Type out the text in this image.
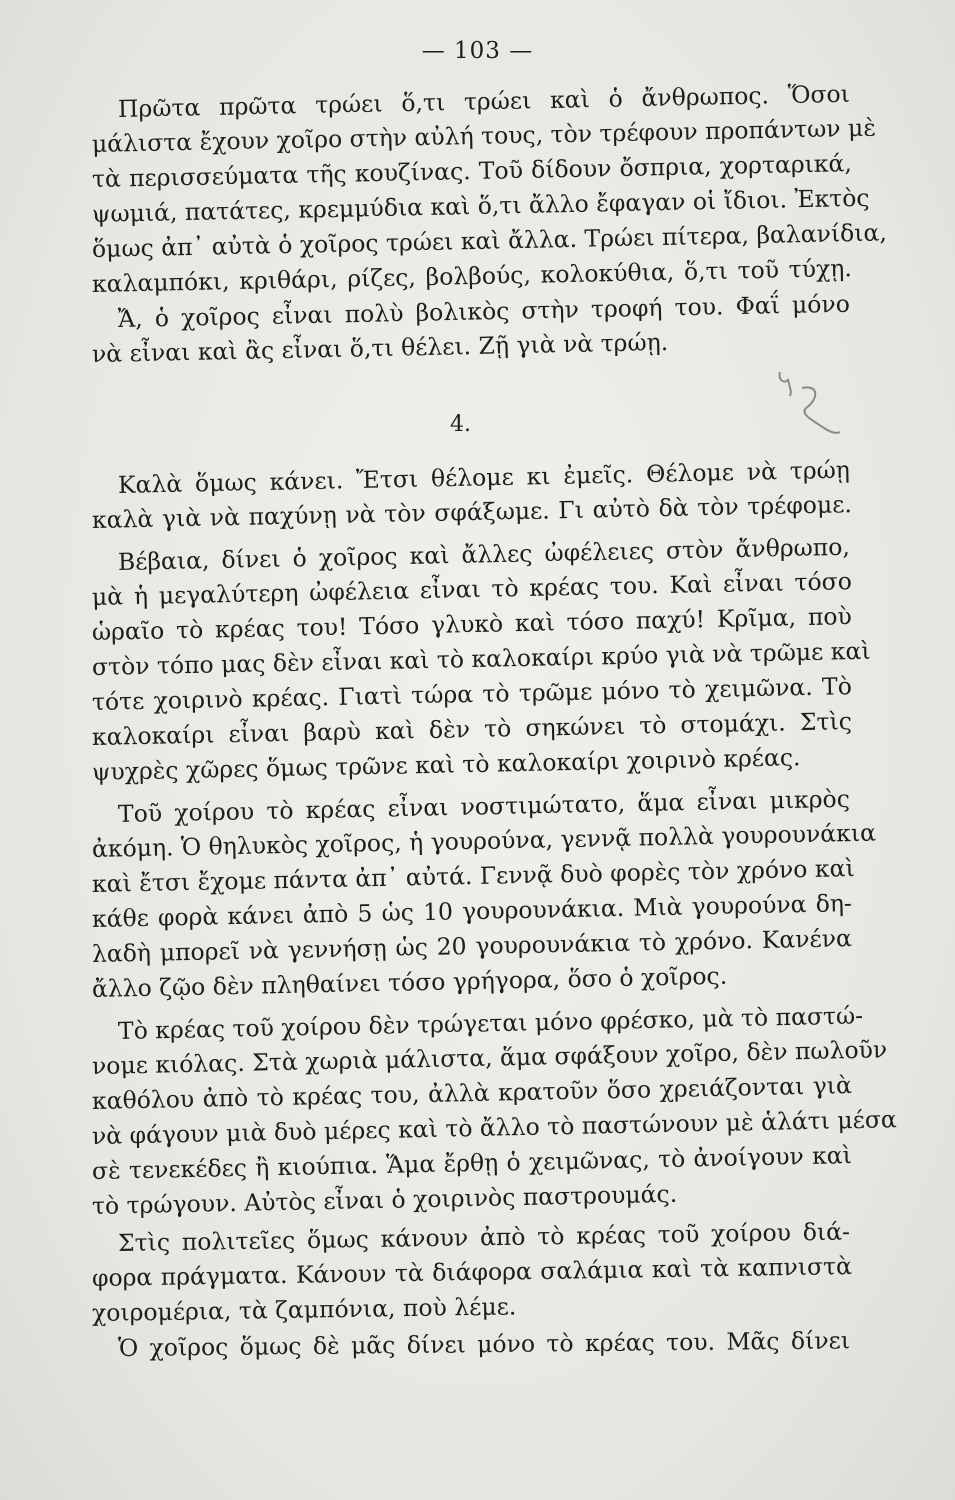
— 103 —
Πρῶτα πρῶτα τρώει ὅ,τι τρώει καὶ ὁ ἄνθρωπος. Ὅσοι
μάλιστα ἔχουν χοῖρο στὴν αὐλή τους, τὸν τρέφουν προπάντων μὲ
τὰ περισσεύματα τῆς κουζίνας. Τοῦ δίδουν ὄσπρια, χορταρικά,
ψωμιά, πατάτες, κρεμμύδια καὶ ὅ,τι ἄλλο ἔφαγαν οἱ ἴδιοι. Ἐκτὸς
ὅμως ἀπ᾽ αὐτὰ ὁ χοῖρος τρώει καὶ ἄλλα. Τρώει πίτερα, βαλανίδια,
καλαμπόκι, κριθάρι, ρίζες, βολβούς, κολοκύθια, ὅ,τι τοῦ τύχῃ.
Ἄ, ὁ χοῖρος εἶναι πολὺ βολικὸς στὴν τροφή του. Φαΐ μόνο
νὰ εἶναι καὶ ἂς εἶναι ὅ,τι θέλει. Ζῇ γιὰ νὰ τρώῃ.
4.
Καλὰ ὅμως κάνει. Ἔτσι θέλομε κι ἐμεῖς. Θέλομε νὰ τρώῃ
καλὰ γιὰ νὰ παχύνῃ νὰ τὸν σφάξωμε. Γι αὐτὸ δὰ τὸν τρέφομε.
Βέβαια, δίνει ὁ χοῖρος καὶ ἄλλες ὠφέλειες στὸν ἄνθρωπο,
μὰ ἡ μεγαλύτερη ὠφέλεια εἶναι τὸ κρέας του. Καὶ εἶναι τόσο
ὡραῖο τὸ κρέας του! Τόσο γλυκὸ καὶ τόσο παχύ! Κρῖμα, ποὺ
στὸν τόπο μας δὲν εἶναι καὶ τὸ καλοκαίρι κρύο γιὰ νὰ τρῶμε καὶ
τότε χοιρινὸ κρέας. Γιατὶ τώρα τὸ τρῶμε μόνο τὸ χειμῶνα. Τὸ
καλοκαίρι εἶναι βαρὺ καὶ δὲν τὸ σηκώνει τὸ στομάχι. Στὶς
ψυχρὲς χῶρες ὅμως τρῶνε καὶ τὸ καλοκαίρι χοιρινὸ κρέας.
Τοῦ χοίρου τὸ κρέας εἶναι νοστιμώτατο, ἅμα εἶναι μικρὸς
ἀκόμη. Ὁ θηλυκὸς χοῖρος, ἡ γουρούνα, γεννᾷ πολλὰ γουρουνάκια
καὶ ἔτσι ἔχομε πάντα ἀπ᾽ αὐτά. Γεννᾷ δυὸ φορὲς τὸν χρόνο καὶ
κάθε φορὰ κάνει ἀπὸ 5 ὡς 10 γουρουνάκια. Μιὰ γουρούνα δη-
λαδὴ μπορεῖ νὰ γεννήσῃ ὡς 20 γουρουνάκια τὸ χρόνο. Κανένα
ἄλλο ζῷο δὲν πληθαίνει τόσο γρήγορα, ὅσο ὁ χοῖρος.
Τὸ κρέας τοῦ χοίρου δὲν τρώγεται μόνο φρέσκο, μὰ τὸ παστώ-
νομε κιόλας. Στὰ χωριὰ μάλιστα, ἅμα σφάξουν χοῖρο, δὲν πωλοῦν
καθόλου ἀπὸ τὸ κρέας του, ἀλλὰ κρατοῦν ὅσο χρειάζονται γιὰ
νὰ φάγουν μιὰ δυὸ μέρες καὶ τὸ ἄλλο τὸ παστώνουν μὲ ἁλάτι μέσα
σὲ τενεκέδες ἢ κιούπια. Ἅμα ἔρθῃ ὁ χειμῶνας, τὸ ἀνοίγουν καὶ
τὸ τρώγουν. Αὐτὸς εἶναι ὁ χοιρινὸς παστρουμάς.
Στὶς πολιτεῖες ὅμως κάνουν ἀπὸ τὸ κρέας τοῦ χοίρου διά-
φορα πράγματα. Κάνουν τὰ διάφορα σαλάμια καὶ τὰ καπνιστὰ
χοιρομέρια, τὰ ζαμπόνια, ποὺ λέμε.
Ὁ χοῖρος ὅμως δὲ μᾶς δίνει μόνο τὸ κρέας του. Μᾶς δίνει
